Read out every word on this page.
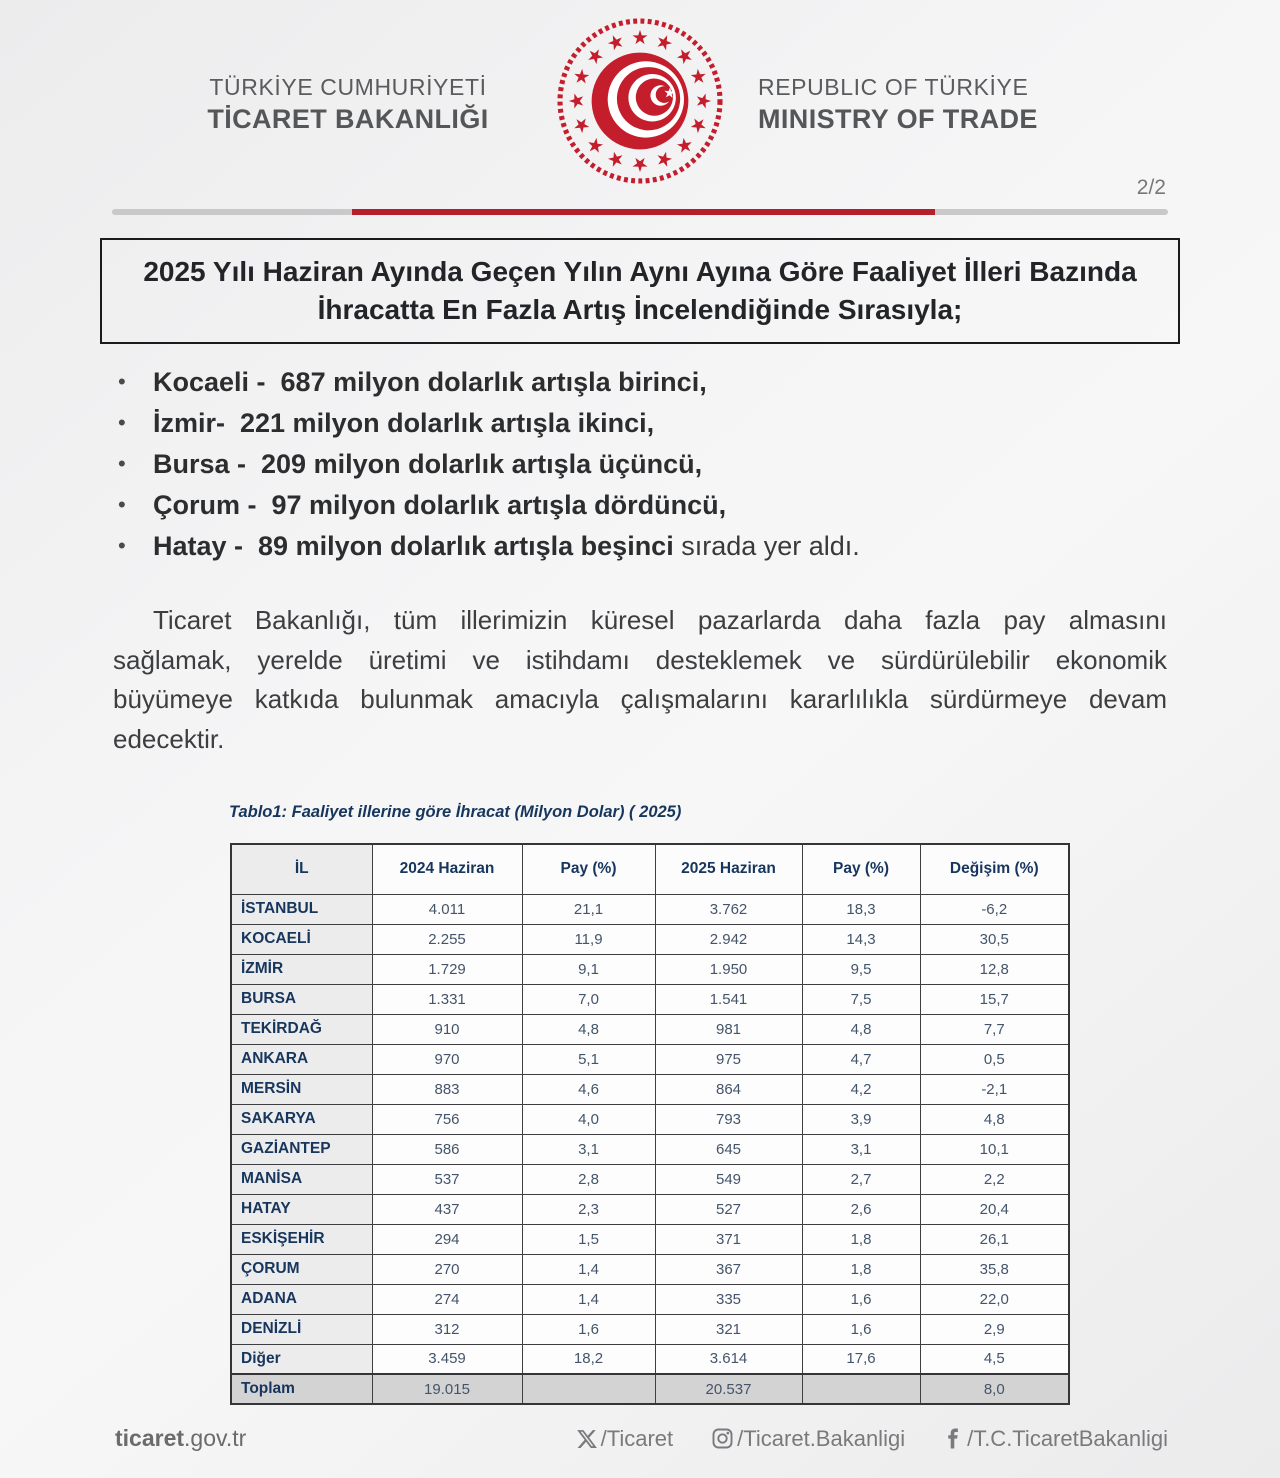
TÜRKİYE CUMHURİYETİ
TİCARET BAKANLIĞI
REPUBLIC OF TÜRKİYE
MINISTRY OF TRADE
2/2
2025 Yılı Haziran Ayında Geçen Yılın Aynı Ayına Göre Faaliyet İlleri Bazında İhracatta En Fazla Artış İncelendiğinde Sırasıyla;
• Kocaeli -  687 milyon dolarlık artışla birinci,
• İzmir-  221 milyon dolarlık artışla ikinci,
• Bursa -  209 milyon dolarlık artışla üçüncü,
• Çorum -  97 milyon dolarlık artışla dördüncü,
• Hatay -  89 milyon dolarlık artışla beşinci sırada yer aldı.

Ticaret Bakanlığı, tüm illerimizin küresel pazarlarda daha fazla pay almasını sağlamak, yerelde üretimi ve istihdamı desteklemek ve sürdürülebilir ekonomik büyümeye katkıda bulunmak amacıyla çalışmalarını kararlılıkla sürdürmeye devam edecektir.

Tablo1: Faaliyet illerine göre İhracat (Milyon Dolar) ( 2025)
İL	2024 Haziran	Pay (%)	2025 Haziran	Pay (%)	Değişim (%)
İSTANBUL	4.011	21,1	3.762	18,3	-6,2
KOCAELİ	2.255	11,9	2.942	14,3	30,5
İZMİR	1.729	9,1	1.950	9,5	12,8
BURSA	1.331	7,0	1.541	7,5	15,7
TEKİRDAĞ	910	4,8	981	4,8	7,7
ANKARA	970	5,1	975	4,7	0,5
MERSİN	883	4,6	864	4,2	-2,1
SAKARYA	756	4,0	793	3,9	4,8
GAZİANTEP	586	3,1	645	3,1	10,1
MANİSA	537	2,8	549	2,7	2,2
HATAY	437	2,3	527	2,6	20,4
ESKİŞEHİR	294	1,5	371	1,8	26,1
ÇORUM	270	1,4	367	1,8	35,8
ADANA	274	1,4	335	1,6	22,0
DENİZLİ	312	1,6	321	1,6	2,9
Diğer	3.459	18,2	3.614	17,6	4,5
Toplam	19.015		20.537		8,0
ticaret.gov.tr	/Ticaret	/Ticaret.Bakanligi	/T.C.TicaretBakanligi
